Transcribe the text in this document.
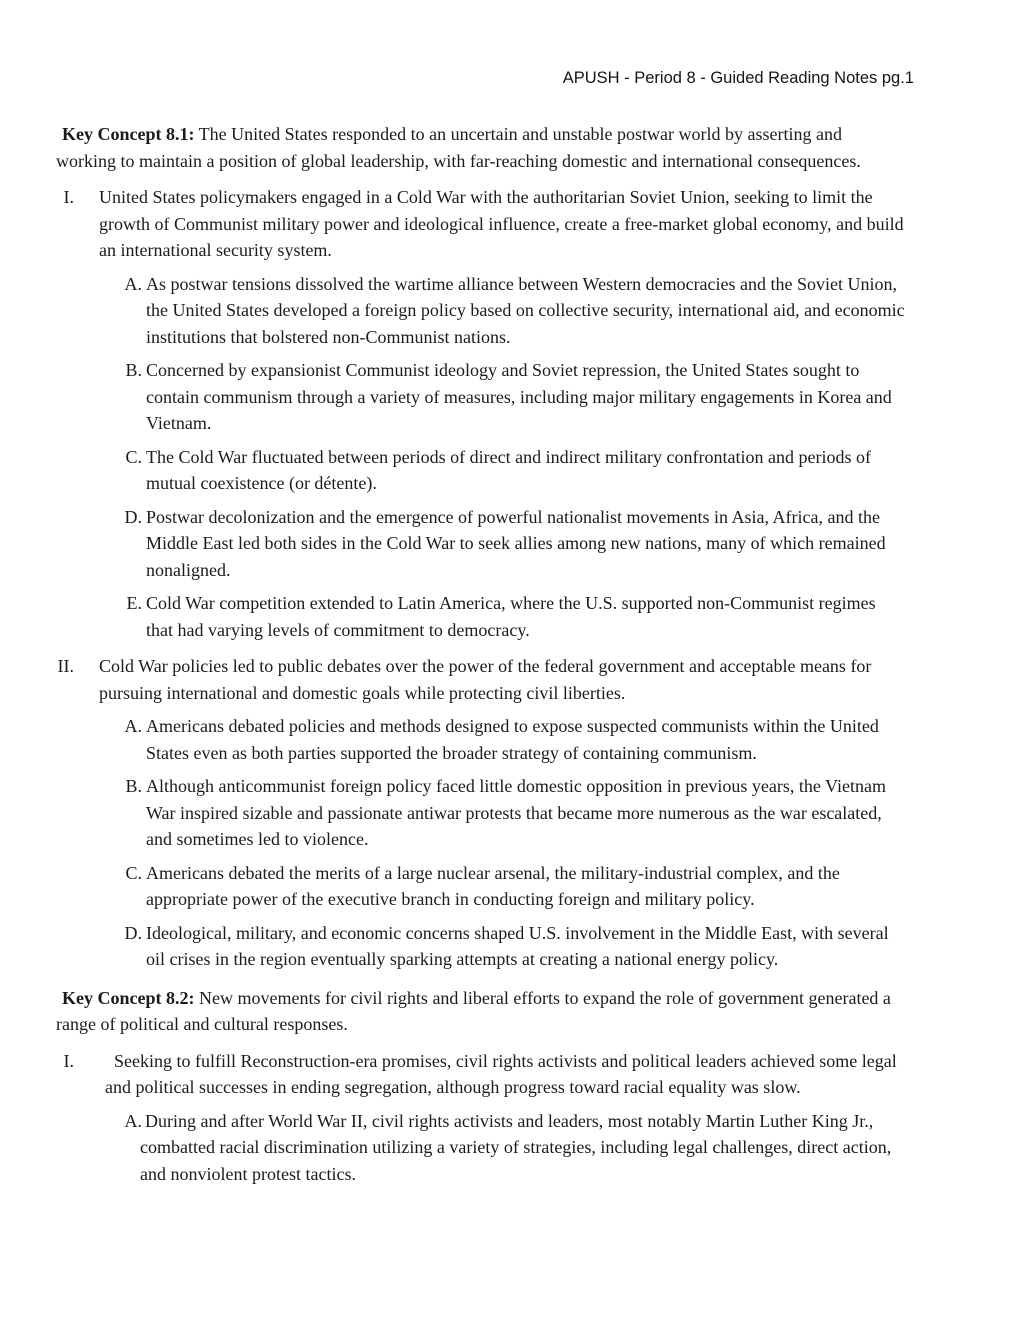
APUSH - Period 8 - Guided Reading Notes pg.1

Key Concept 8.1: The United States responded to an uncertain and unstable postwar world by asserting and working to maintain a position of global leadership, with far-reaching domestic and international consequences.

I. United States policymakers engaged in a Cold War with the authoritarian Soviet Union, seeking to limit the growth of Communist military power and ideological influence, create a free-market global economy, and build an international security system.
A. As postwar tensions dissolved the wartime alliance between Western democracies and the Soviet Union, the United States developed a foreign policy based on collective security, international aid, and economic institutions that bolstered non-Communist nations.
B. Concerned by expansionist Communist ideology and Soviet repression, the United States sought to contain communism through a variety of measures, including major military engagements in Korea and Vietnam.
C. The Cold War fluctuated between periods of direct and indirect military confrontation and periods of mutual coexistence (or détente).
D. Postwar decolonization and the emergence of powerful nationalist movements in Asia, Africa, and the Middle East led both sides in the Cold War to seek allies among new nations, many of which remained nonaligned.
E. Cold War competition extended to Latin America, where the U.S. supported non-Communist regimes that had varying levels of commitment to democracy.
II. Cold War policies led to public debates over the power of the federal government and acceptable means for pursuing international and domestic goals while protecting civil liberties.
A. Americans debated policies and methods designed to expose suspected communists within the United States even as both parties supported the broader strategy of containing communism.
B. Although anticommunist foreign policy faced little domestic opposition in previous years, the Vietnam War inspired sizable and passionate antiwar protests that became more numerous as the war escalated, and sometimes led to violence.
C. Americans debated the merits of a large nuclear arsenal, the military-industrial complex, and the appropriate power of the executive branch in conducting foreign and military policy.
D. Ideological, military, and economic concerns shaped U.S. involvement in the Middle East, with several oil crises in the region eventually sparking attempts at creating a national energy policy.

Key Concept 8.2: New movements for civil rights and liberal efforts to expand the role of government generated a range of political and cultural responses.

I.	Seeking to fulfill Reconstruction-era promises, civil rights activists and political leaders achieved some legal and political successes in ending segregation, although progress toward racial equality was slow.
A. During and after World War II, civil rights activists and leaders, most notably Martin Luther King Jr., combatted racial discrimination utilizing a variety of strategies, including legal challenges, direct action, and nonviolent protest tactics.
